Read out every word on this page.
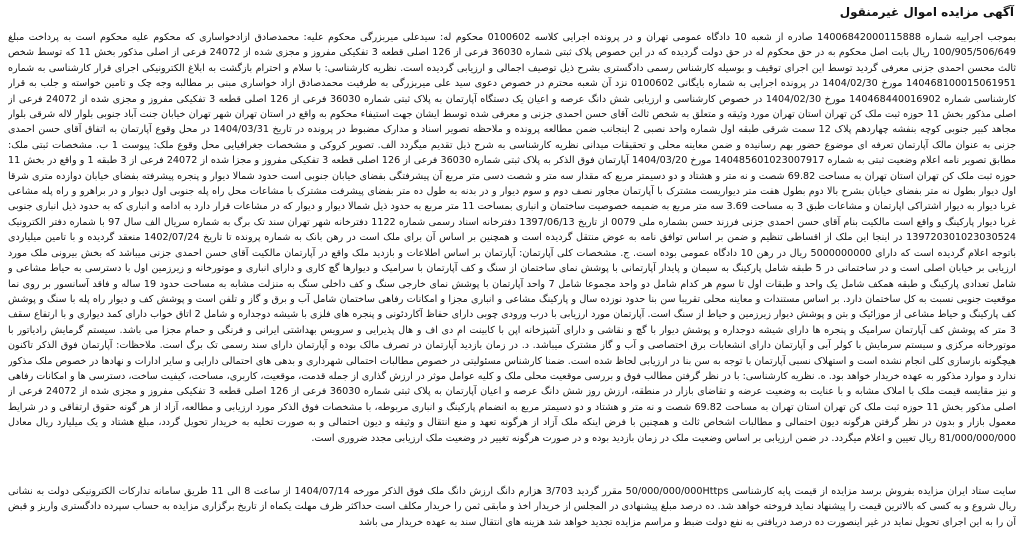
آگهی مزایده اموال غیرمنقول

بموجب اجراییه شماره 14006842000115888 صادره از شعبه 10 دادگاه عمومی تهران و در پرونده اجرایی کلاسه 0100602 محکوم له: سیدعلی میربزرگی محکوم علیه: محمدصادق ازادخواساری که محکوم علیه محکوم است به پرداخت مبلغ 100/905/506/649 ریال بابت اصل محکوم به در حق محکوم له در حق دولت گردیده که در این خصوص پلاک ثبتی شماره 36030 فرعی از 126 اصلی قطعه 3 تفکیکی مفروز و مجزی شده از 24072 فرعی از اصلی مذکور بخش 11 که توسط شخص ثالث محسن احمدی جزنی معرفی گردید توسط این اجرای توقیف و بوسیله کارشناس رسمی دادگستری بشرح ذیل توصیف اجمالی و ارزیابی گردیده است. نظریه کارشناسی: با سلام و احترام بازگشت به ابلاغ الکترونیکی اجرای قرار کارشناسی به شماره 140468100015061951 مورخ 1404/02/30 در پرونده اجرایی به شماره بایگانی 0100602 نزد آن شعبه محترم در خصوص دعوی سید علی میربزرگی به طرفیت محمدصادق ازاد خواساری مبنی بر مطالبه وجه چک و تامین خواسته و جلب به قرار کارشناسی شماره 140468440016902 مورخ 1404/02/30 در خصوص کارشناسی و ارزیابی شش دانگ عرصه و اعیان یک دستگاه آپارتمان به پلاک ثبتی شماره 36030 فرعی از 126 اصلی قطعه 3 تفکیکی مفروز و مجزی شده از 24072 فرعی از اصلی مذکور بخش 11 حوزه ثبت ملک کن تهران استان تهران مورد وثیقه و متعلق به شخص ثالث آقای حسن احمدی جزنی و معرفی شده توسط ایشان جهت استیفاء محکوم به واقع در استان تهران شهر تهران خیابان جنت آباد جنوبی بلوار لاله شرقی بلوار مجاهد کبیر جنوبی کوچه بنفشه چهاردهم پلاک 12 سمت شرقی طبقه اول شماره واحد نصبی 2 اینجانب ضمن مطالعه پرونده و ملاحظه تصویر اسناد و مدارک مضبوط در پرونده در تاریخ 1404/03/31 در محل وقوع آپارتمان به اتفاق آقای حسن احمدی جزنی به عنوان مالک آپارتمان تعرفه ای موضوع حضور بهم رسانیده و ضمن معاینه محلی و تحقیقات میدانی نظریه کارشناسی به شرح ذیل تقدیم میگردد الف. تصویر کروکی و مشخصات جغرافیایی محل وقوع ملک: پیوست 1 ب. مشخصات ثبتی ملک: مطابق تصویر نامه اعلام وضعیت ثبتی به شماره 140485601023007917 مورخ 1404/03/20 آپارتمان فوق الذکر به پلاک ثبتی شماره 36030 فرعی از 126 اصلی قطعه 3 تفکیکی مفروز و مجزا شده از 24072 فرعی از 3 طبقه 1 و واقع در بخش 11 حوزه ثبت ملک کن تهران استان تهران به مساحت 69.82 شصت و نه متر و هشتاد و دو دسیمتر مربع که مقدار سه متر و شصت دسی متر مربع آن پیشرفتگی بفضای خیابان جنوبی است حدود شمالا دیوار و پنجره پیشرفته بفضای خیابان دوازده متری شرقا اول دیوار بطول نه متر بفضای خیابان بشرح بالا دوم بطول هفت متر دیواریست مشترک با آپارتمان مجاور نصف دوم و سوم دیوار و در بدنه به طول ده متر بفضای پیشرفت مشترک با مشاعات محل راه پله جنوبی اول دیوار و در براهرو و راه پله مشاعی غربا دیوار به دیوار اشتراکی اپارتمان و مشاعات طبق 3 به مساحت 3.69 سه متر مربع به ضمیمه خصوصیت ساختمان و انباری بمساحت 11 متر مربع به حدود ذیل شمالا دیوار و دیوار که در مشاعات قرار دارد به ادامه و انباری که به حدود ذیل انباری جنوبی غربا دیوار پارکینگ و واقع است مالکیت بنام آقای حسن احمدی جزنی فرزند حسن بشماره ملی 0079 از تاریخ 1397/06/13 دفترخانه اسناد رسمی شماره 1122 دفترخانه شهر تهران سند تک برگ به شماره سریال الف سال 97 با شماره دفتر الکترونیک 139720301023030524 در اینجا این ملک از اقساطی تنظیم و ضمن بر اساس توافق نامه به عوض منتقل گردیده است و همچنین بر اساس آن برای ملک است در رهن بانک به شماره پرونده تا تاریخ 1402/07/24 منعقد گردیده و با تامین میلیاردی باتوجه اعلام گردیده است که دارای 5000000000 ریال در رهن 10 دادگاه عمومی بوده است. ج. مشخصات کلی آپارتمان: آپارتمان بر اساس اطلاعات و بازدید ملک واقع در آپارتمان مالکیت آقای حسن احمدی جزنی میباشد که بخش بیرونی ملک مورد ارزیابی بر خیابان اصلی است و در ساختمانی در 5 طبقه شامل پارکینگ به سیمان و پایدار آپارتمانی با پوشش نمای ساختمان از سنگ و کف آپارتمان با سرامیک و دیوارها گچ کاری و دارای انباری و موتورخانه و زیرزمین اول با دسترسی به حیاط مشاعی و شامل تعدادی پارکینگ و طبقه همکف شامل یک واحد و طبقات اول تا سوم هر کدام شامل دو واحد مجموعا شامل 7 واحد آپارتمان با پوشش نمای خارجی سنگ و کف داخلی سنگ به منزلت مشابه به مساحت حدود 19 ساله و فاقد آسانسور بر روی نما موقعیت جنوبی نسبت به کل ساختمان دارد. بر اساس مستندات و معاینه محلی تقریبا سن بنا حدود نوزده سال و پارکینگ مشاعی و انباری مجزا و امکانات رفاهی ساختمان شامل آب و برق و گاز و تلفن است و پوشش کف و دیوار راه پله با سنگ و پوشش کف پارکینگ و حیاط مشاعی از موزائیک و بتن و پوشش دیوار زیرزمین و حیاط از سنگ است. آپارتمان مورد ارزیابی با درب ورودی چوبی دارای حفاظ آکاردئونی و پنجره های فلزی با شیشه دوجداره و شامل 2 اتاق خواب دارای کمد دیواری و با ارتفاع سقف 3 متر که پوشش کف آپارتمان سرامیک و پنجره ها دارای شیشه دوجداره و پوشش دیوار با گچ و نقاشی و دارای آشپزخانه اپن با کابینت ام دی اف و هال پذیرایی و سرویس بهداشتی ایرانی و فرنگی و حمام مجزا می باشد. سیستم گرمایش رادیاتور با موتورخانه مرکزی و سیستم سرمایش با کولر آبی و آپارتمان دارای انشعابات برق اختصاصی و آب و گاز مشترک میباشد. د. در زمان بازدید آپارتمان در تصرف مالک بوده و آپارتمان دارای سند رسمی تک برگ است. ملاحظات: آپارتمان فوق الذکر تاکنون هیچگونه بازسازی کلی انجام نشده است و استهلاک نسبی آپارتمان با توجه به سن بنا در ارزیابی لحاظ شده است. ضمنا کارشناس مسئولیتی در خصوص مطالبات احتمالی شهرداری و بدهی های احتمالی دارایی و سایر ادارات و نهادها در خصوص ملک مذکور ندارد و موارد مذکور به عهده خریدار خواهد بود. ه. نظریه کارشناسی: با در نظر گرفتن مطالب فوق و بررسی موقعیت محلی ملک و کلیه عوامل موثر در ارزش گذاری از جمله قدمت، موقعیت، کاربری، مساحت، کیفیت ساخت، دسترسی ها و امکانات رفاهی و نیز مقایسه قیمت ملک با املاک مشابه و با عنایت به وضعیت عرضه و تقاضای بازار در منطقه، ارزش روز شش دانگ عرصه و اعیان آپارتمان به پلاک ثبتی شماره 36030 فرعی از 126 اصلی قطعه 3 تفکیکی مفروز و مجزی شده از 24072 فرعی از اصلی مذکور بخش 11 حوزه ثبت ملک کن تهران استان تهران به مساحت 69.82 شصت و نه متر و هشتاد و دو دسیمتر مربع به انضمام پارکینگ و انباری مربوطه، با مشخصات فوق الذکر مورد ارزیابی و مطالعه، آزاد از هر گونه حقوق ارتفاقی و در شرایط معمول بازار و بدون در نظر گرفتن هرگونه دیون احتمالی و مطالبات اشخاص ثالث و همچنین با فرض اینکه ملک آزاد از هرگونه تعهد و منع انتقال و وثیقه و دیون احتمالی و به صورت تخلیه به خریدار تحویل گردد، مبلغ هشتاد و یک میلیارد ریال معادل 81/000/000/000 ریال تعیین و اعلام میگردد. در ضمن ارزیابی بر اساس وضعیت ملک در زمان بازدید بوده و در صورت هرگونه تغییر در وضعیت ملک ارزیابی مجدد ضروری است.

سایت ستاد ایران مزایده بفروش برسد مزایده از قیمت پایه کارشناسی 50/000/000/000Https مقرر گردید 3/703 هزارم دانگ ارزش دانگ ملک فوق الذکر مورخه 1404/07/14 از ساعت 8 الی 11 طریق سامانه تدارکات الکترونیکی دولت به نشانی ریال شروع و به کسی که بالاترین قیمت را پیشنهاد نماید فروخته خواهد شد. ده درصد مبلغ پیشنهادی در المجلس از خریدار اخذ و مابقی ثمن را خریدار مکلف است حداکثر ظرف مهلت یکماه از تاریخ برگزاری مزایده به حساب سپرده دادگستری واریز و قبض آن را به این اجرای تحویل نماید در غیر اینصورت ده درصد دریافتی به نفع دولت ضبط و مراسم مزایده تجدید خواهد شد هزینه های انتقال سند به عهده خریدار می باشد
